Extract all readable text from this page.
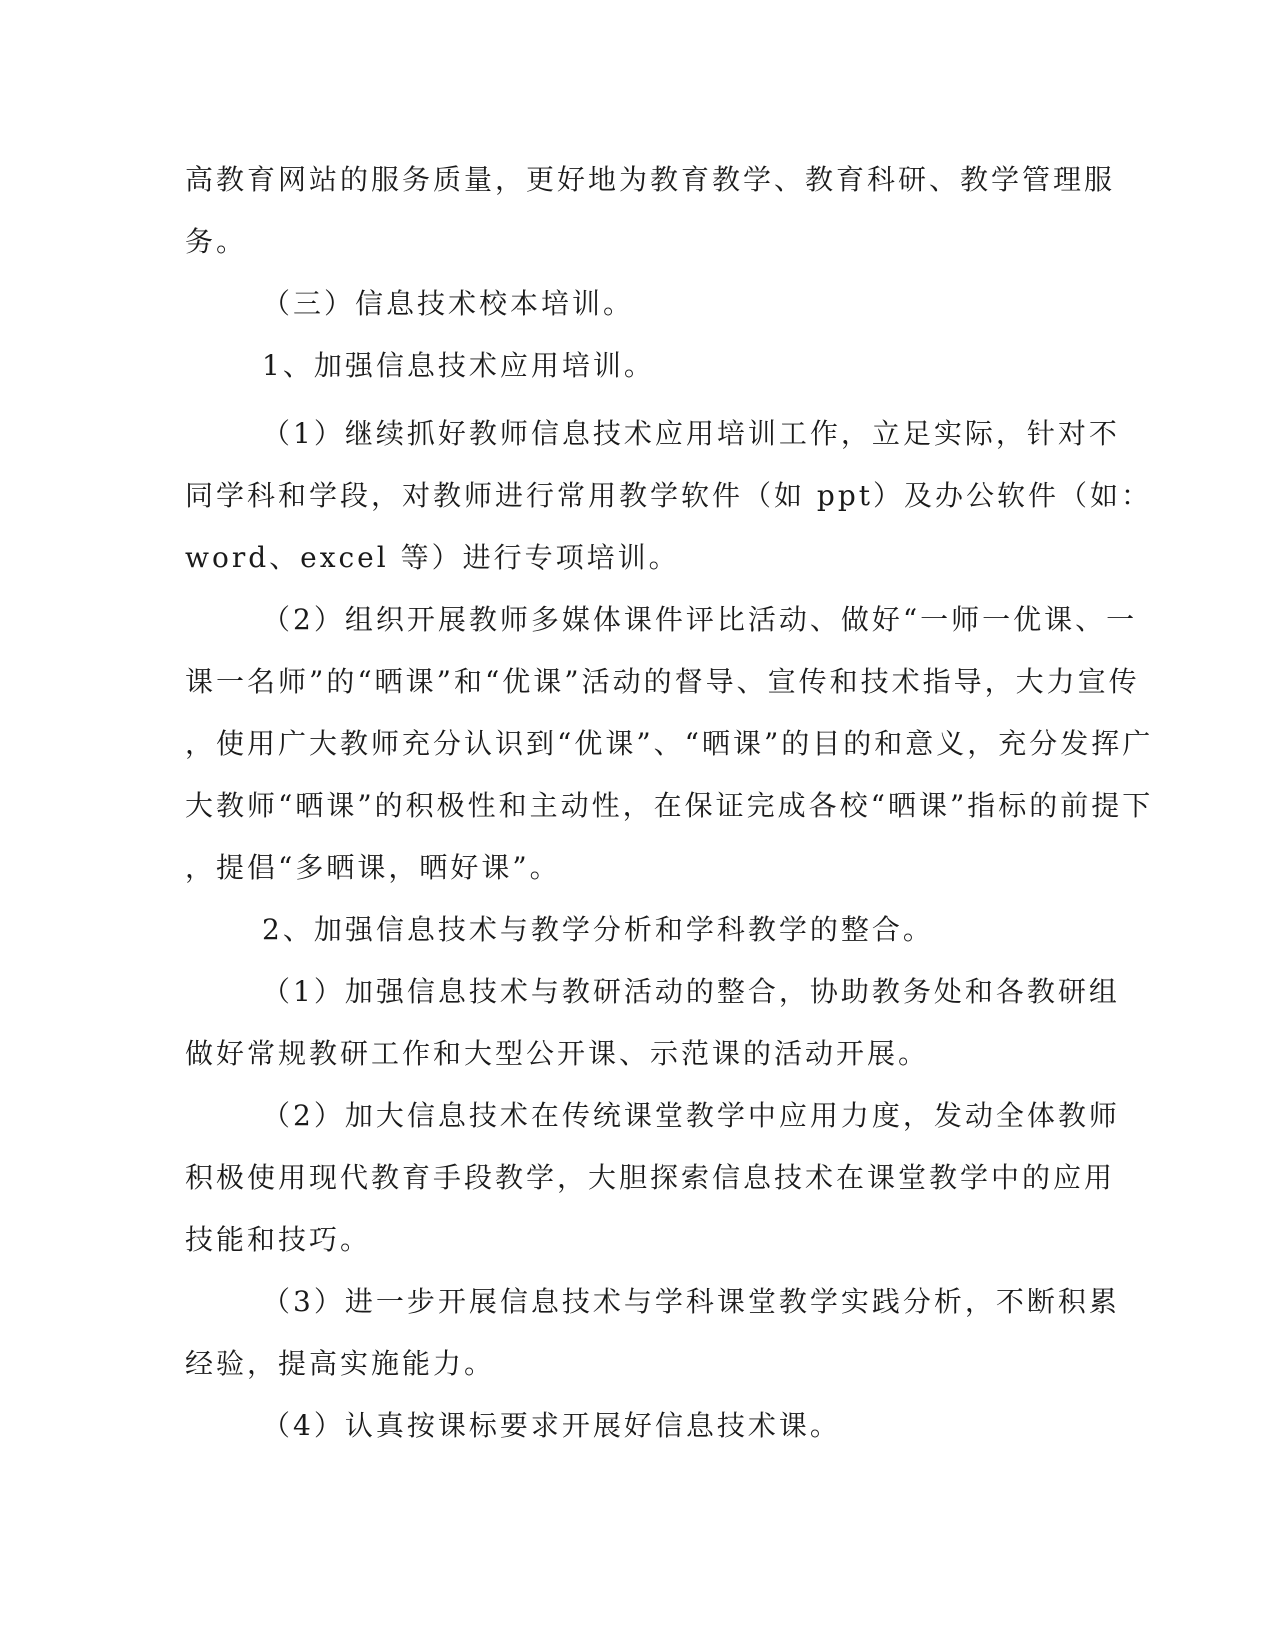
高教育网站的服务质量，更好地为教育教学、教育科研、教学管理服
务。
（三）信息技术校本培训。
1、加强信息技术应用培训。
（1）继续抓好教师信息技术应用培训工作，立足实际，针对不
同学科和学段，对教师进行常用教学软件（如 ppt）及办公软件（如：
word、excel 等）进行专项培训。
（2）组织开展教师多媒体课件评比活动、做好“一师一优课、一
课一名师”的“晒课”和“优课”活动的督导、宣传和技术指导，大力宣传
，使用广大教师充分认识到“优课”、“晒课”的目的和意义，充分发挥广
大教师“晒课”的积极性和主动性，在保证完成各校“晒课”指标的前提下
，提倡“多晒课，晒好课”。
2、加强信息技术与教学分析和学科教学的整合。
（1）加强信息技术与教研活动的整合，协助教务处和各教研组
做好常规教研工作和大型公开课、示范课的活动开展。
（2）加大信息技术在传统课堂教学中应用力度，发动全体教师
积极使用现代教育手段教学，大胆探索信息技术在课堂教学中的应用
技能和技巧。
（3）进一步开展信息技术与学科课堂教学实践分析，不断积累
经验，提高实施能力。
（4）认真按课标要求开展好信息技术课。
